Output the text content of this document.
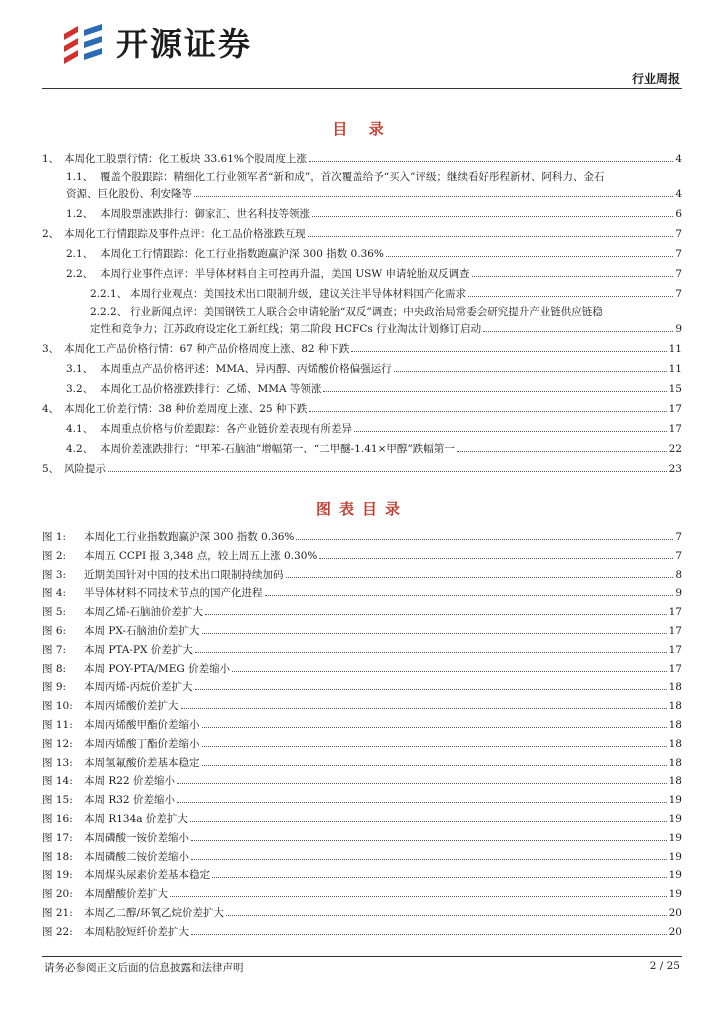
开源证券
行业周报
目 录
1、 本周化工股票行情：化工板块 33.61%个股周度上涨	4
1.1、 覆盖个股跟踪：精细化工行业领军者“新和成”，首次覆盖给予“买入”评级；继续看好彤程新材、阿科力、金石
资源、巨化股份、利安隆等	4
1.2、 本周股票涨跌排行：御家汇、世名科技等领涨	6
2、 本周化工行情跟踪及事件点评：化工品价格涨跌互现	7
2.1、 本周化工行情跟踪：化工行业指数跑赢沪深 300 指数 0.36%	7
2.2、 本周行业事件点评：半导体材料自主可控再升温，美国 USW 申请轮胎双反调查	7
2.2.1、 本周行业观点：美国技术出口限制升级，建议关注半导体材料国产化需求	7
2.2.2、 行业新闻点评：美国钢铁工人联合会申请轮胎“双反”调查；中央政治局常委会研究提升产业链供应链稳
定性和竞争力；江苏政府设定化工新红线；第二阶段 HCFCs 行业淘汰计划修订启动	9
3、 本周化工产品价格行情：67 种产品价格周度上涨、82 种下跌	11
3.1、 本周重点产品价格评述：MMA、异丙醇、丙烯酸价格偏强运行	11
3.2、 本周化工品价格涨跌排行：乙烯、MMA 等领涨	15
4、 本周化工价差行情：38 种价差周度上涨、25 种下跌	17
4.1、 本周重点价格与价差跟踪：各产业链价差表现有所差异	17
4.2、 本周价差涨跌排行：“甲苯-石脑油”增幅第一、“二甲醚-1.41×甲醇”跌幅第一	22
5、 风险提示	23
图表目录
图 1:	本周化工行业指数跑赢沪深 300 指数 0.36%	7
图 2:	本周五 CCPI 报 3,348 点，较上周五上涨 0.30%	7
图 3:	近期美国针对中国的技术出口限制持续加码	8
图 4:	半导体材料不同技术节点的国产化进程	9
图 5:	本周乙烯-石脑油价差扩大	17
图 6:	本周 PX-石脑油价差扩大	17
图 7:	本周 PTA-PX 价差扩大	17
图 8:	本周 POY-PTA/MEG 价差缩小	17
图 9:	本周丙烯-丙烷价差扩大	18
图 10:	本周丙烯酸价差扩大	18
图 11:	本周丙烯酸甲酯价差缩小	18
图 12:	本周丙烯酸丁酯价差缩小	18
图 13:	本周氢氟酸价差基本稳定	18
图 14:	本周 R22 价差缩小	18
图 15:	本周 R32 价差缩小	19
图 16:	本周 R134a 价差扩大	19
图 17:	本周磷酸一铵价差缩小	19
图 18:	本周磷酸二铵价差缩小	19
图 19:	本周煤头尿素价差基本稳定	19
图 20:	本周醋酸价差扩大	19
图 21:	本周乙二醇/环氧乙烷价差扩大	20
图 22:	本周粘胶短纤价差扩大	20
请务必参阅正文后面的信息披露和法律声明	2 / 25
